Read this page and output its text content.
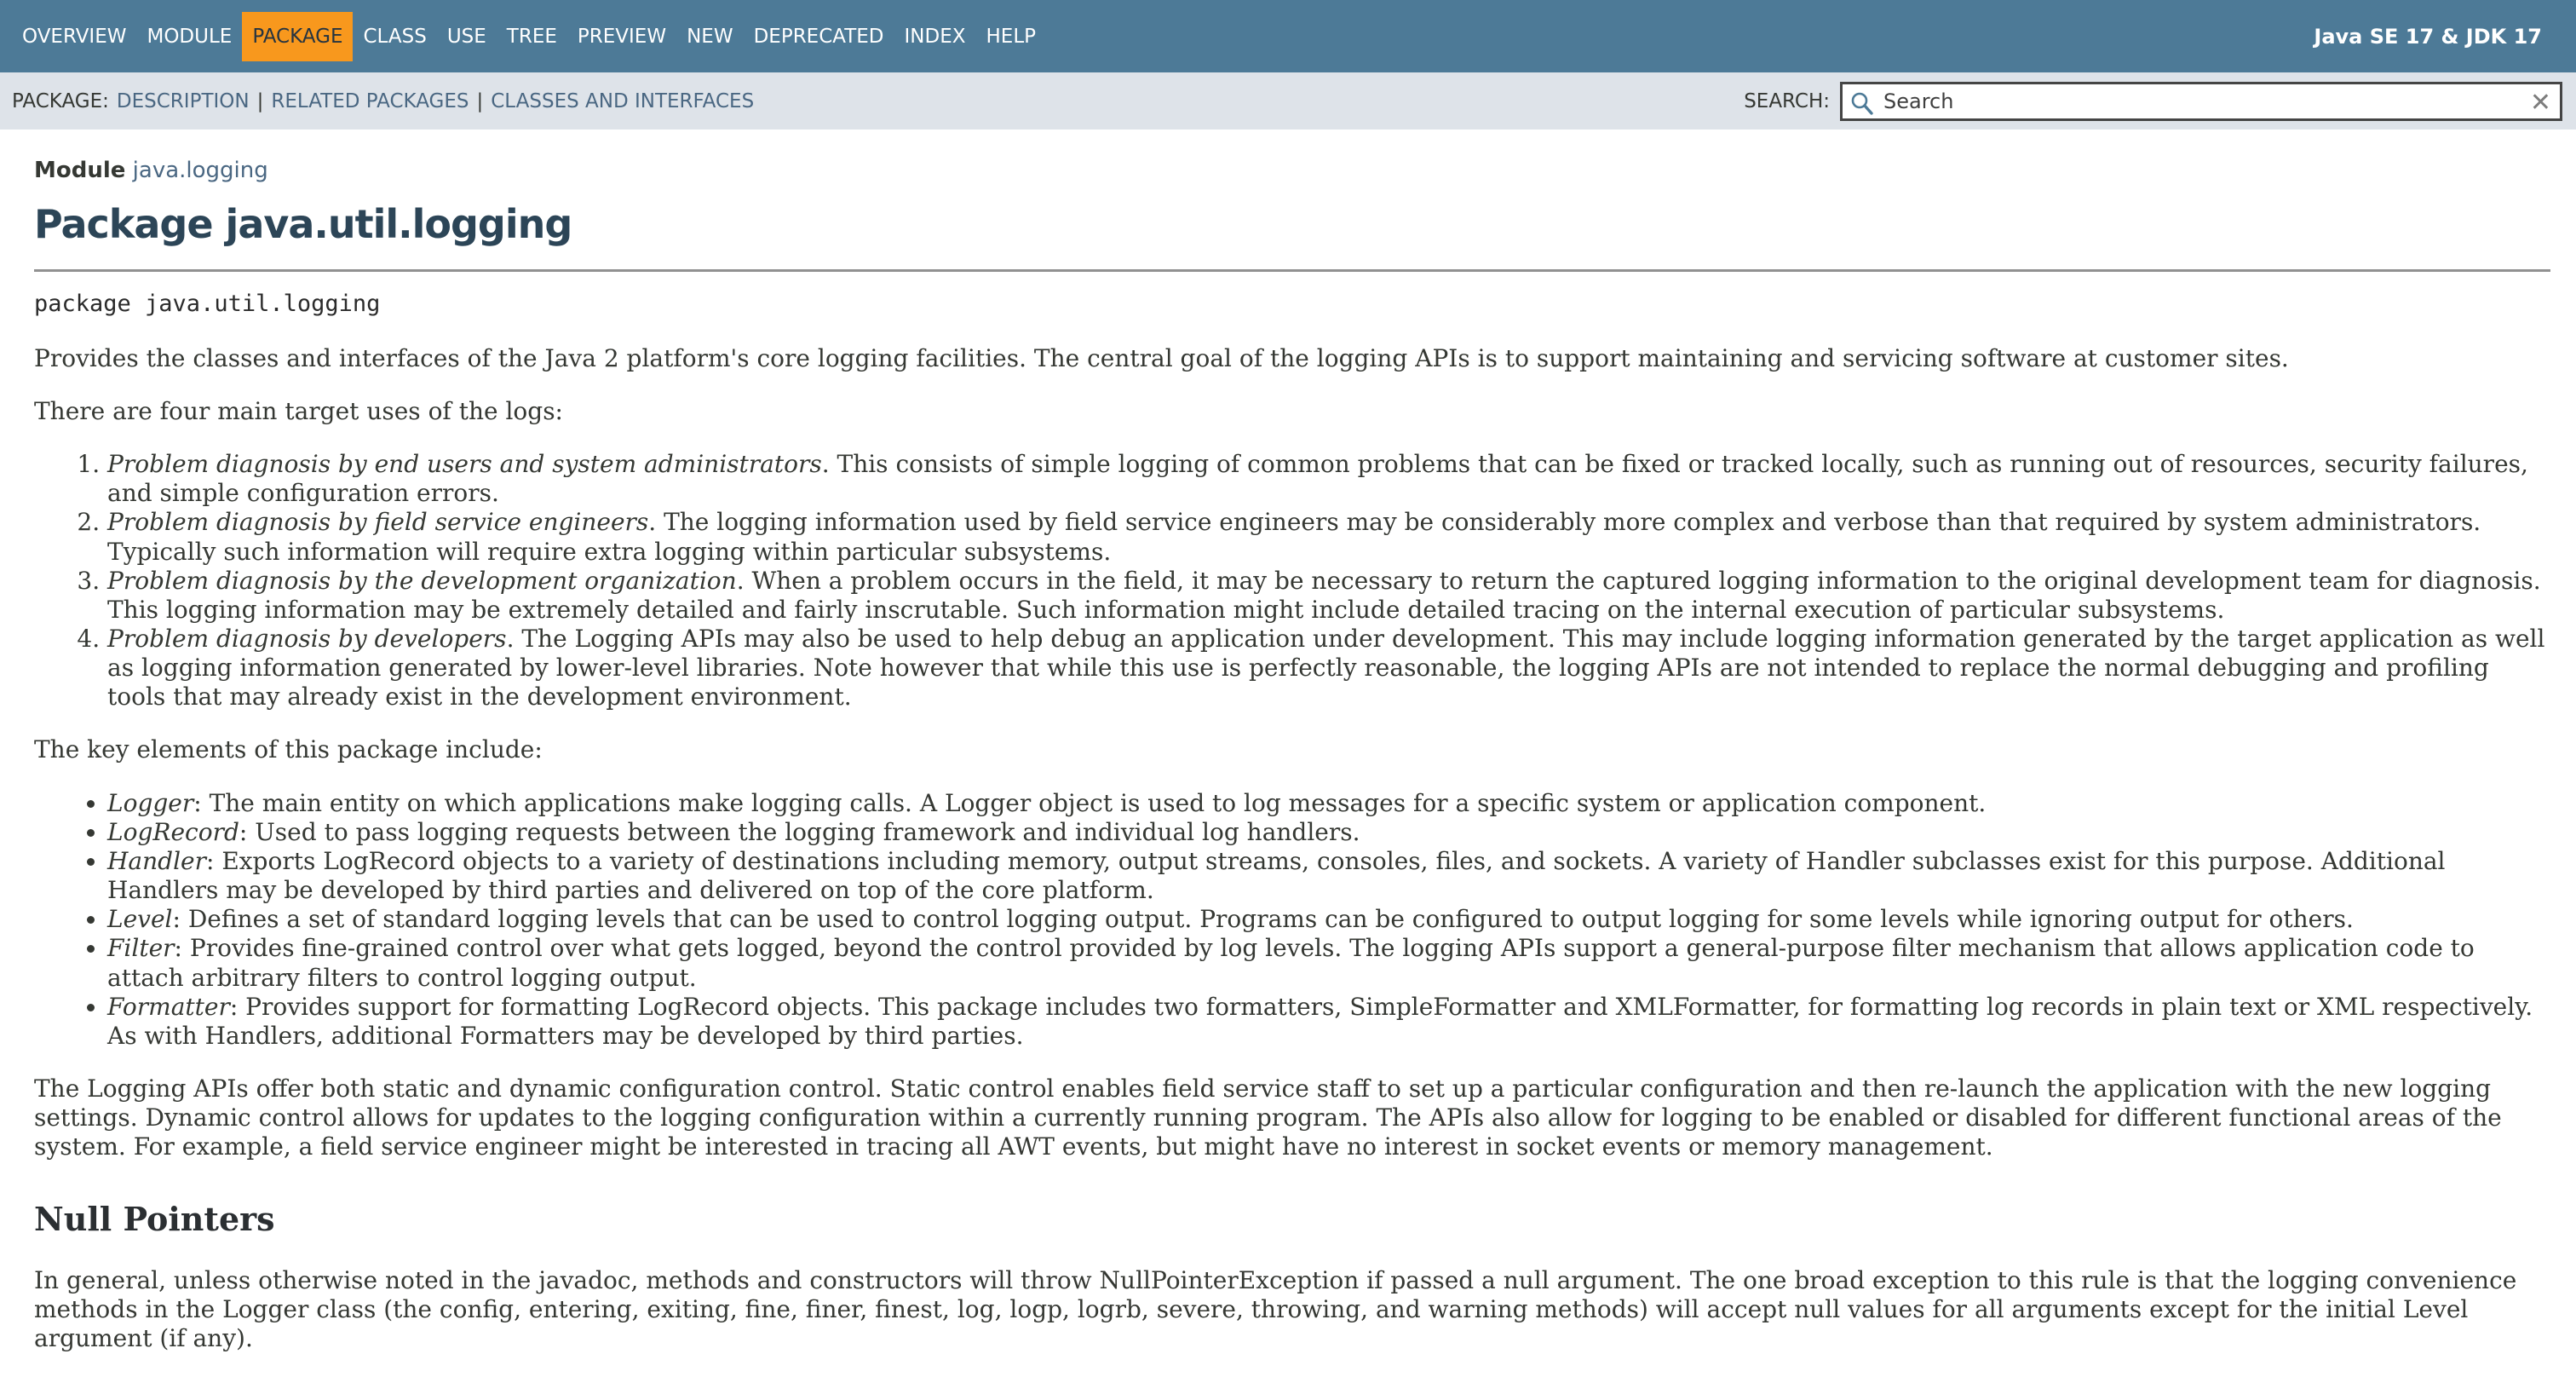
OVERVIEW	MODULE	PACKAGE	CLASS	USE	TREE	PREVIEW	NEW	DEPRECATED	INDEX	HELP	Java SE 17 & JDK 17
PACKAGE: DESCRIPTION | RELATED PACKAGES | CLASSES AND INTERFACES	SEARCH:
Search	✕
Module java.logging
Package java.util.logging
package java.util.logging

Provides the classes and interfaces of the Java 2 platform's core logging facilities. The central goal of the logging APIs is to support maintaining and servicing software at customer sites.

There are four main target uses of the logs:

1. Problem diagnosis by end users and system administrators. This consists of simple logging of common problems that can be fixed or tracked locally, such as running out of resources, security failures, and simple configuration errors.
2. Problem diagnosis by field service engineers. The logging information used by field service engineers may be considerably more complex and verbose than that required by system administrators. Typically such information will require extra logging within particular subsystems.
3. Problem diagnosis by the development organization. When a problem occurs in the field, it may be necessary to return the captured logging information to the original development team for diagnosis. This logging information may be extremely detailed and fairly inscrutable. Such information might include detailed tracing on the internal execution of particular subsystems.
4. Problem diagnosis by developers. The Logging APIs may also be used to help debug an application under development. This may include logging information generated by the target application as well as logging information generated by lower-level libraries. Note however that while this use is perfectly reasonable, the logging APIs are not intended to replace the normal debugging and profiling tools that may already exist in the development environment.

The key elements of this package include:

• Logger: The main entity on which applications make logging calls. A Logger object is used to log messages for a specific system or application component.
• LogRecord: Used to pass logging requests between the logging framework and individual log handlers.
• Handler: Exports LogRecord objects to a variety of destinations including memory, output streams, consoles, files, and sockets. A variety of Handler subclasses exist for this purpose. Additional Handlers may be developed by third parties and delivered on top of the core platform.
• Level: Defines a set of standard logging levels that can be used to control logging output. Programs can be configured to output logging for some levels while ignoring output for others.
• Filter: Provides fine-grained control over what gets logged, beyond the control provided by log levels. The logging APIs support a general-purpose filter mechanism that allows application code to attach arbitrary filters to control logging output.
• Formatter: Provides support for formatting LogRecord objects. This package includes two formatters, SimpleFormatter and XMLFormatter, for formatting log records in plain text or XML respectively. As with Handlers, additional Formatters may be developed by third parties.

The Logging APIs offer both static and dynamic configuration control. Static control enables field service staff to set up a particular configuration and then re-launch the application with the new logging settings. Dynamic control allows for updates to the logging configuration within a currently running program. The APIs also allow for logging to be enabled or disabled for different functional areas of the system. For example, a field service engineer might be interested in tracing all AWT events, but might have no interest in socket events or memory management.

Null Pointers

In general, unless otherwise noted in the javadoc, methods and constructors will throw NullPointerException if passed a null argument. The one broad exception to this rule is that the logging convenience methods in the Logger class (the config, entering, exiting, fine, finer, finest, log, logp, logrb, severe, throwing, and warning methods) will accept null values for all arguments except for the initial Level argument (if any).
